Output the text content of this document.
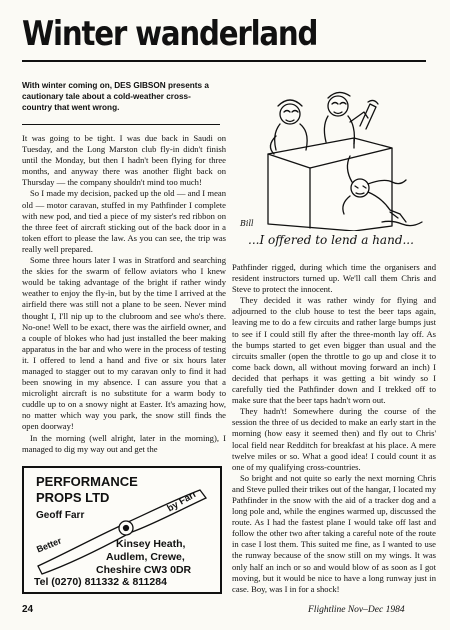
Winter wanderland
With winter coming on, DES GIBSON presents a cautionary tale about a cold-weather cross-country that went wrong.

It was going to be tight. I was due back in Saudi on Tuesday, and the Long Marston club fly-in didn't finish until the Monday, but then I hadn't been flying for three months, and anyway there was another flight back on Thursday — the company shouldn't mind too much!

So I made my decision, packed up the old — and I mean old — motor caravan, stuffed in my Pathfinder I complete with new pod, and tied a piece of my sister's red ribbon on the three feet of aircraft sticking out of the back door in a token effort to please the law. As you can see, the trip was really well prepared.

Some three hours later I was in Stratford and searching the skies for the swarm of fellow aviators who I knew would be taking advantage of the bright if rather windy weather to enjoy the fly-in, but by the time I arrived at the airfield there was still not a plane to be seen. Never mind thought I, I'll nip up to the clubroom and see who's there. No-one! Well to be exact, there was the airfield owner, and a couple of blokes who had just installed the beer making apparatus in the bar and who were in the process of testing it. I offered to lend a hand and five or six hours later managed to stagger out to my caravan only to find it had been snowing in my absence. I can assure you that a microlight aircraft is no substitute for a warm body to cuddle up to on a snowy night at Easter. It's amazing how, no matter which way you park, the snow still finds the open doorway!

In the morning (well alright, later in the morning), I managed to dig my way out and get the

Bill
...I offered to lend a hand...

Pathfinder rigged, during which time the organisers and resident instructors turned up. We'll call them Chris and Steve to protect the innocent.

They decided it was rather windy for flying and adjourned to the club house to test the beer taps again, leaving me to do a few circuits and rather large bumps just to see if I could still fly after the three-month lay off. As the bumps started to get even bigger than usual and the circuits smaller (open the throttle to go up and close it to come back down, all without moving forward an inch) I decided that perhaps it was getting a bit windy so I carefully tied the Pathfinder down and I trekked off to make sure that the beer taps hadn't worn out.

They hadn't! Somewhere during the course of the session the three of us decided to make an early start in the morning (how easy it seemed then) and fly out to Chris' local field near Redditch for breakfast at his place. A mere twelve miles or so. What a good idea! I could count it as one of my qualifying cross-countries.

So bright and not quite so early the next morning Chris and Steve pulled their trikes out of the hangar, I located my Pathfinder in the snow with the aid of a tracker dog and a long pole and, while the engines warmed up, discussed the route. As I had the fastest plane I would take off last and follow the other two after taking a careful note of the route in case I lost them. This suited me fine, as I wanted to use the runway because of the snow still on my wings. It was only half an inch or so and would blow of as soon as I got moving, but it would be nice to have a long runway just in case. Boy, was I in for a shock!

PERFORMANCE
PROPS LTD
Geoff Farr
by Farr
Better	Kinsey Heath,
Audlem, Crewe,
Cheshire CW3 0DR
Tel (0270) 811332 & 811284
24	Flightline Nov–Dec 1984
